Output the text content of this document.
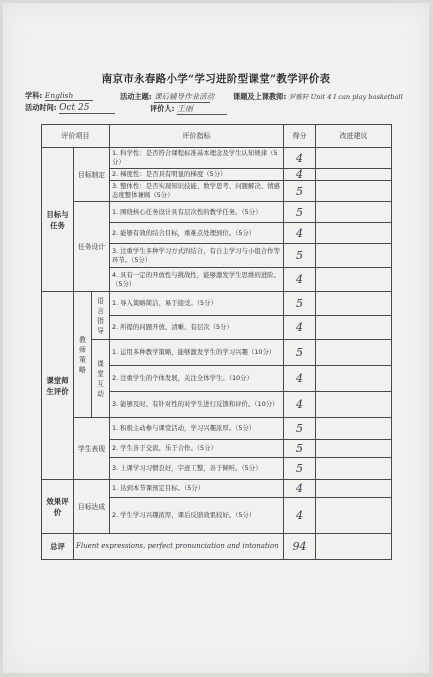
南京市永春路小学“学习进阶型课堂”教学评价表
学科: English	活动主题: 课后辅导作业活动	课题及上课教师: 罗雅轩 Unit 4 I can play basketball
活动时间: Oct 25	评价人: 王丽
评价项目			评价指标	得分	改进建议
目标与任务	目标制定		1. 科学性：是否符合课程标准基本理念及学生认知规律（5分）	4	
			2. 梯度性：是否具有明显的梯度（5分）	4	
			3. 整体性：是否实现知识技能、数学思考、问题解决、情感态度整体兼顾（5分）	5	
	任务设计		1. 围绕核心任务设计具有层次性的教学任务。（5分）	5	
			2. 能够有效的结合目标，重难点处理到位。（5分）	4	
			3. 注重学生多种学习方式的结合，有自主学习与小组合作等环节。（5分）	5	
			4. 具有一定的开放性与挑战性，能够激发学生思维的进阶。（5分）	4	
课堂师生评价	教师策略	语言指导	1. 导入策略简洁、易于接受。（5分）	5	
			2. 所提的问题开放、清晰、有层次（5分）	4	
		课堂互动	1. 运用多种教学策略，能够激发学生的学习兴趣（10分）	5	
			2. 注重学生的个体发展，关注全体学生。（10分）	4	
			3. 能够及时、有针对性的对学生进行反馈和评价。（10分）	4	
	学生表现		1. 积极主动参与课堂活动，学习兴趣浓厚。（5分）	5	
			2. 学生善于交流、乐于合作。（5分）	5	
			3. 上课学习习惯良好，字迹工整，善于倾听。（5分）	5	
效果评价	目标达成		1. 达到本节课预定目标。（5分）	4	
			2. 学生学习兴趣浓厚，课后反馈效果较好。（5分）	4	
总评	Fluent expressions, perfect pronunciation and intonation			94	
